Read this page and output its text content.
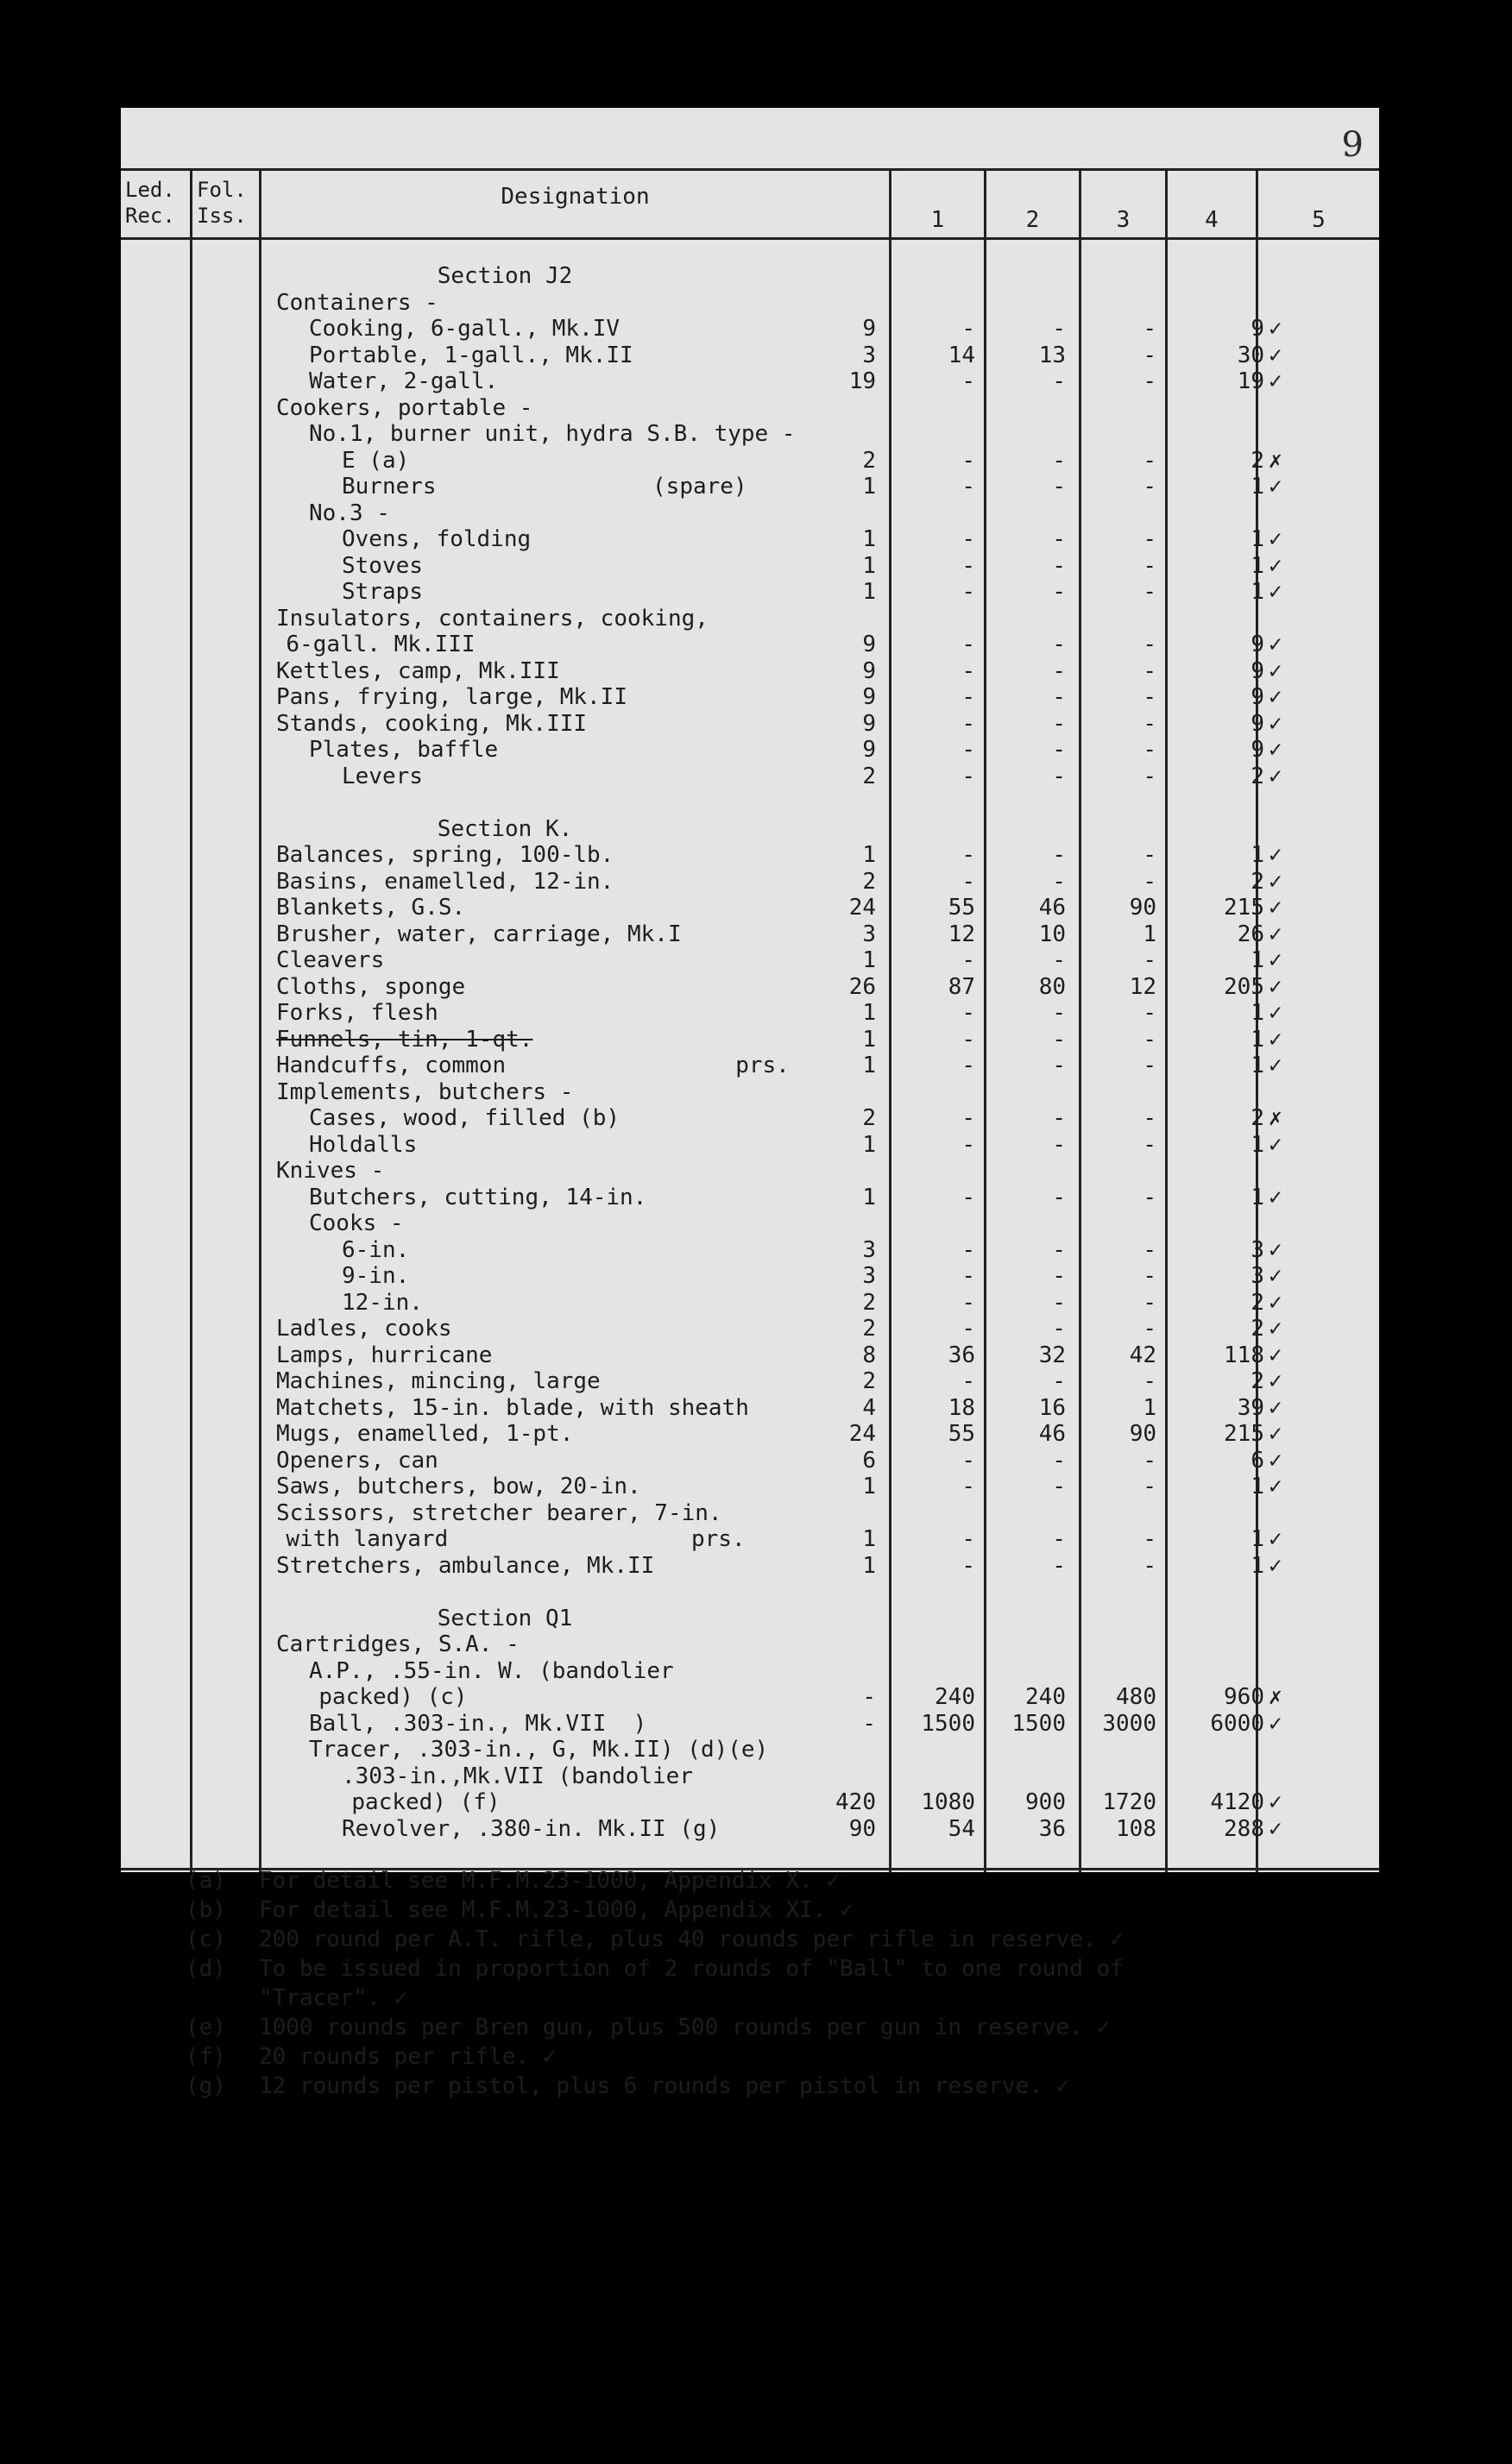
9
Led. Rec.
Fol. Iss.
Designation
1	2	3	4	5
Section J2
Containers -
Cooking, 6-gall., Mk.IV	9	-	-	-	9 ✓
Portable, 1-gall., Mk.II	3	14	13	-	30 ✓
Water, 2-gall.	19	-	-	-	19 ✓
Cookers, portable -
No.1, burner unit, hydra S.B. type -
E (a)	2	-	-	-	2 ✗
Burners                (spare)	1	-	-	-	1 ✓
No.3 -
Ovens, folding	1	-	-	-	1 ✓
Stoves	1	-	-	-	1 ✓
Straps	1	-	-	-	1 ✓
Insulators, containers, cooking,
6-gall. Mk.III	9	-	-	-	9 ✓
Kettles, camp, Mk.III	9	-	-	-	9 ✓
Pans, frying, large, Mk.II	9	-	-	-	9 ✓
Stands, cooking, Mk.III	9	-	-	-	9 ✓
Plates, baffle	9	-	-	-	9 ✓
Levers	2	-	-	-	2 ✓
Section K.
Balances, spring, 100-lb.	1	-	-	-	1 ✓
Basins, enamelled, 12-in.	2	-	-	-	2 ✓
Blankets, G.S.	24	55	46	90	215 ✓
Brusher, water, carriage, Mk.I	3	12	10	1	26 ✓
Cleavers	1	-	-	-	1 ✓
Cloths, sponge	26	87	80	12	205 ✓
Forks, flesh	1	-	-	-	1 ✓
Funnels, tin, 1-qt.	1	-	-	-	1 ✓
Handcuffs, common                 prs.	1	-	-	-	1 ✓
Implements, butchers -
Cases, wood, filled (b)	2	-	-	-	2 ✗
Holdalls	1	-	-	-	1 ✓
Knives -
Butchers, cutting, 14-in.	1	-	-	-	1 ✓
Cooks -
6-in.	3	-	-	-	3 ✓
9-in.	3	-	-	-	3 ✓
12-in.	2	-	-	-	2 ✓
Ladles, cooks	2	-	-	-	2 ✓
Lamps, hurricane	8	36	32	42	118 ✓
Machines, mincing, large	2	-	-	-	2 ✓
Matchets, 15-in. blade, with sheath	4	18	16	1	39 ✓
Mugs, enamelled, 1-pt.	24	55	46	90	215 ✓
Openers, can	6	-	-	-	6 ✓
Saws, butchers, bow, 20-in.	1	-	-	-	1 ✓
Scissors, stretcher bearer, 7-in.
with lanyard                  prs.	1	-	-	-	1 ✓
Stretchers, ambulance, Mk.II	1	-	-	-	1 ✓
Section Q1
Cartridges, S.A. -
A.P., .55-in. W. (bandolier
packed) (c)	-	240	240	480	960 ✗
Ball, .303-in., Mk.VII  )	-	1500	1500	3000	6000 ✓
Tracer, .303-in., G, Mk.II) (d)(e)
.303-in.,Mk.VII (bandolier
packed) (f)	420	1080	900	1720	4120 ✓
Revolver, .380-in. Mk.II (g)	90	54	36	108	288 ✓
(a) For detail see M.F.M.23-1000, Appendix X. ✓
(b) For detail see M.F.M.23-1000, Appendix XI. ✓
(c) 200 round per A.T. rifle, plus 40 rounds per rifle in reserve. ✓
(d) To be issued in proportion of 2 rounds of "Ball" to one round of
"Tracer". ✓
(e) 1000 rounds per Bren gun, plus 500 rounds per gun in reserve. ✓
(f) 20 rounds per rifle. ✓
(g) 12 rounds per pistol, plus 6 rounds per pistol in reserve. ✓
